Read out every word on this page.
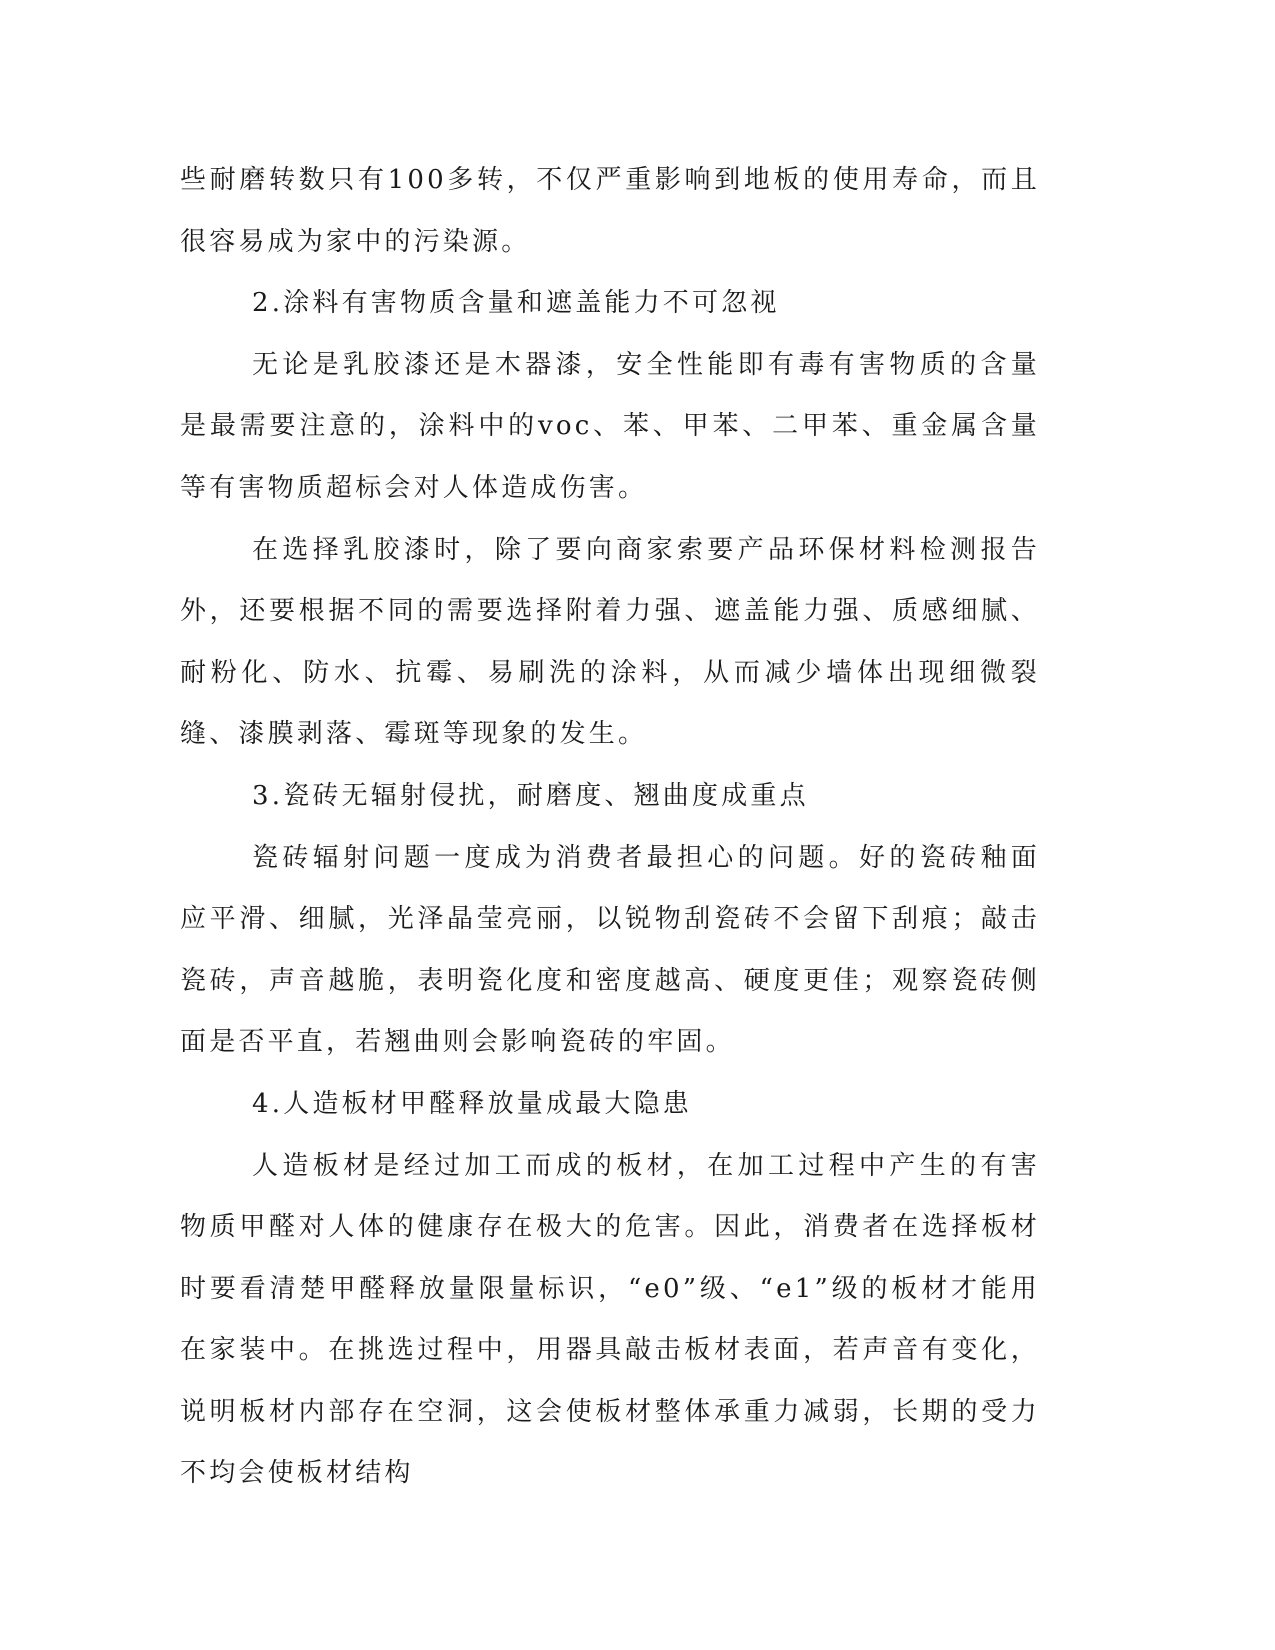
些耐磨转数只有100多转，不仅严重影响到地板的使用寿命，而且很容易成为家中的污染源。

2.涂料有害物质含量和遮盖能力不可忽视

无论是乳胶漆还是木器漆，安全性能即有毒有害物质的含量是最需要注意的，涂料中的voc、苯、甲苯、二甲苯、重金属含量等有害物质超标会对人体造成伤害。

在选择乳胶漆时，除了要向商家索要产品环保材料检测报告外，还要根据不同的需要选择附着力强、遮盖能力强、质感细腻、耐粉化、防水、抗霉、易刷洗的涂料，从而减少墙体出现细微裂缝、漆膜剥落、霉斑等现象的发生。

3.瓷砖无辐射侵扰，耐磨度、翘曲度成重点

瓷砖辐射问题一度成为消费者最担心的问题。好的瓷砖釉面应平滑、细腻，光泽晶莹亮丽，以锐物刮瓷砖不会留下刮痕；敲击瓷砖，声音越脆，表明瓷化度和密度越高、硬度更佳；观察瓷砖侧面是否平直，若翘曲则会影响瓷砖的牢固。

4.人造板材甲醛释放量成最大隐患

人造板材是经过加工而成的板材，在加工过程中产生的有害物质甲醛对人体的健康存在极大的危害。因此，消费者在选择板材时要看清楚甲醛释放量限量标识，“e0”级、“e1”级的板材才能用在家装中。在挑选过程中，用器具敲击板材表面，若声音有变化，说明板材内部存在空洞，这会使板材整体承重力减弱，长期的受力不均会使板材结构
